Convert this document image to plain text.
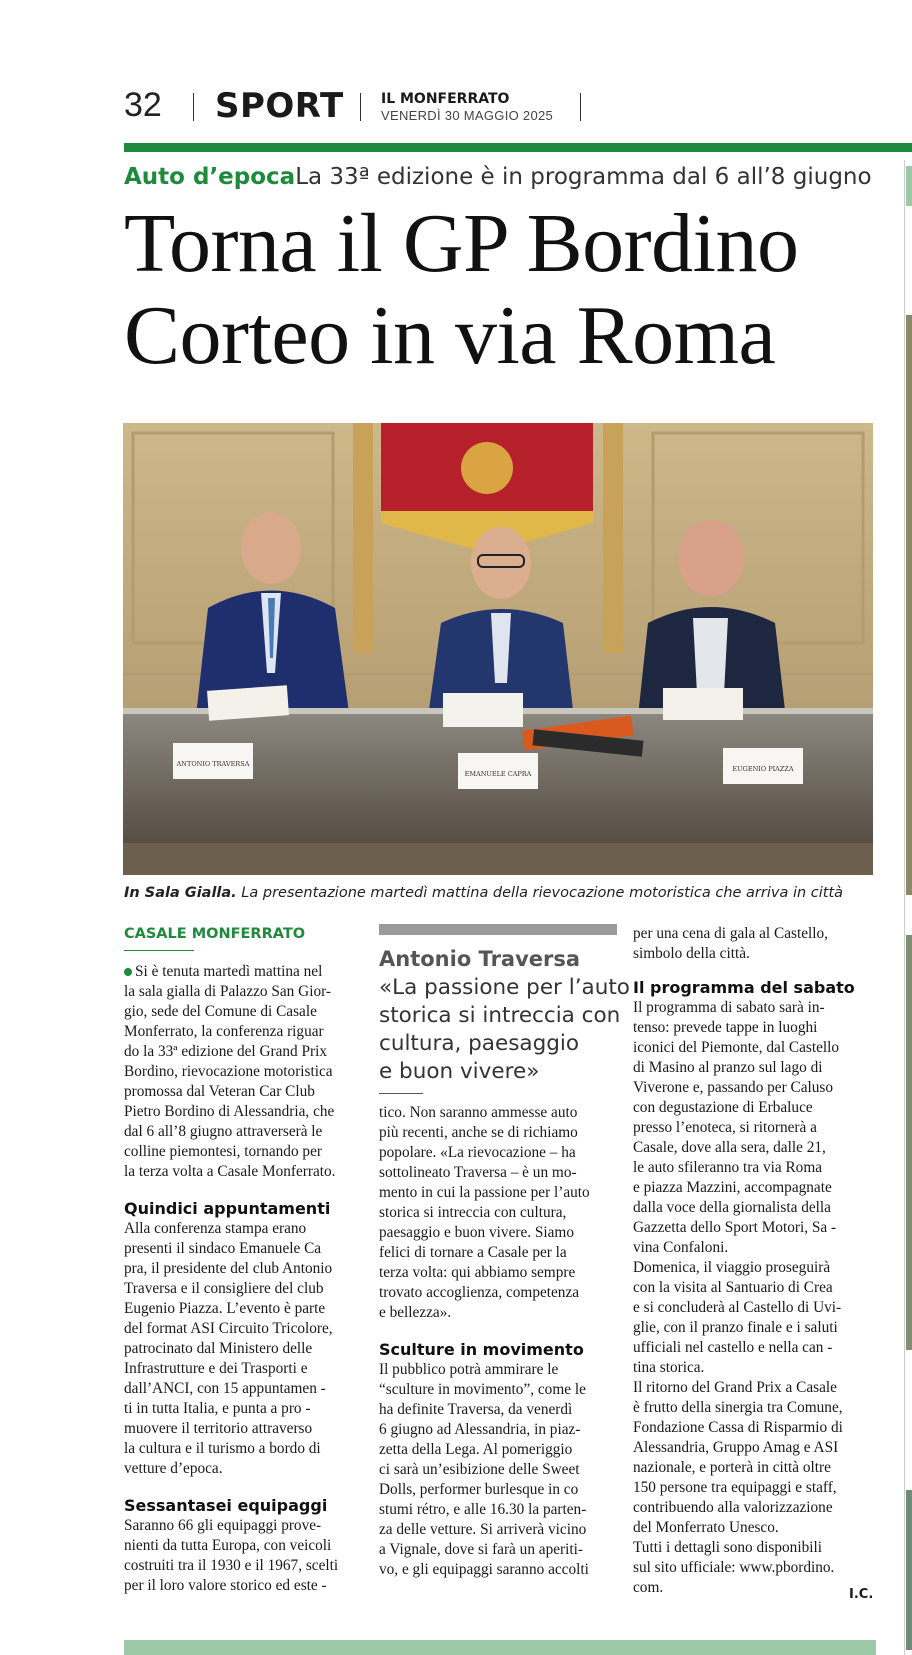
32 SPORT	IL MONFERRATO
VENERDÌ 30 MAGGIO 2025
Auto d’epocaLa 33ª edizione è in programma dal 6 all’8 giugno
Torna il GP Bordino
Corteo in via Roma
ANTONIO TRAVERSA
EMANUELE CAPRA
EUGENIO PIAZZA
In Sala Gialla. La presentazione martedì mattina della rievocazione motoristica che arriva in città
CASALE MONFERRATO
Si è tenuta martedì mattina nel
la sala gialla di Palazzo San Gior-
gio, sede del Comune di Casale
Monferrato, la conferenza riguar
do la 33ª edizione del Grand Prix
Bordino, rievocazione motoristica
promossa dal Veteran Car Club
Pietro Bordino di Alessandria, che
dal 6 all’8 giugno attraverserà le
colline piemontesi, tornando per
la terza volta a Casale Monferrato.
Quindici appuntamenti
Alla conferenza stampa erano
presenti il sindaco Emanuele Ca
pra, il presidente del club Antonio
Traversa e il consigliere del club
Eugenio Piazza. L’evento è parte
del format ASI Circuito Tricolore,
patrocinato dal Ministero delle
Infrastrutture e dei Trasporti e
dall’ANCI, con 15 appuntamen -
ti in tutta Italia, e punta a pro -
muovere il territorio attraverso
la cultura e il turismo a bordo di
vetture d’epoca.
Sessantasei equipaggi
Saranno 66 gli equipaggi prove-
nienti da tutta Europa, con veicoli
costruiti tra il 1930 e il 1967, scelti
per il loro valore storico ed este -
Antonio Traversa
«La passione per l’auto
storica si intreccia con
cultura, paesaggio
e buon vivere»
tico. Non saranno ammesse auto
più recenti, anche se di richiamo
popolare. «La rievocazione – ha
sottolineato Traversa – è un mo-
mento in cui la passione per l’auto
storica si intreccia con cultura,
paesaggio e buon vivere. Siamo
felici di tornare a Casale per la
terza volta: qui abbiamo sempre
trovato accoglienza, competenza
e bellezza».
Sculture in movimento
Il pubblico potrà ammirare le
“sculture in movimento”, come le
ha definite Traversa, da venerdì
6 giugno ad Alessandria, in piaz-
zetta della Lega. Al pomeriggio
ci sarà un’esibizione delle Sweet
Dolls, performer burlesque in co
stumi rétro, e alle 16.30 la parten-
za delle vetture. Si arriverà vicino
a Vignale, dove si farà un aperiti-
vo, e gli equipaggi saranno accolti
per una cena di gala al Castello,
simbolo della città.
Il programma del sabato
Il programma di sabato sarà in-
tenso: prevede tappe in luoghi
iconici del Piemonte, dal Castello
di Masino al pranzo sul lago di
Viverone e, passando per Caluso
con degustazione di Erbaluce
presso l’enoteca, si ritornerà a
Casale, dove alla sera, dalle 21,
le auto sfileranno tra via Roma
e piazza Mazzini, accompagnate
dalla voce della giornalista della
Gazzetta dello Sport Motori, Sa -
vina Confaloni.
Domenica, il viaggio proseguirà
con la visita al Santuario di Crea
e si concluderà al Castello di Uvi-
glie, con il pranzo finale e i saluti
ufficiali nel castello e nella can -
tina storica.
Il ritorno del Grand Prix a Casale
è frutto della sinergia tra Comune,
Fondazione Cassa di Risparmio di
Alessandria, Gruppo Amag e ASI
nazionale, e porterà in città oltre
150 persone tra equipaggi e staff,
contribuendo alla valorizzazione
del Monferrato Unesco.
Tutti i dettagli sono disponibili
sul sito ufficiale: www.pbordino.
com.	I.C.
